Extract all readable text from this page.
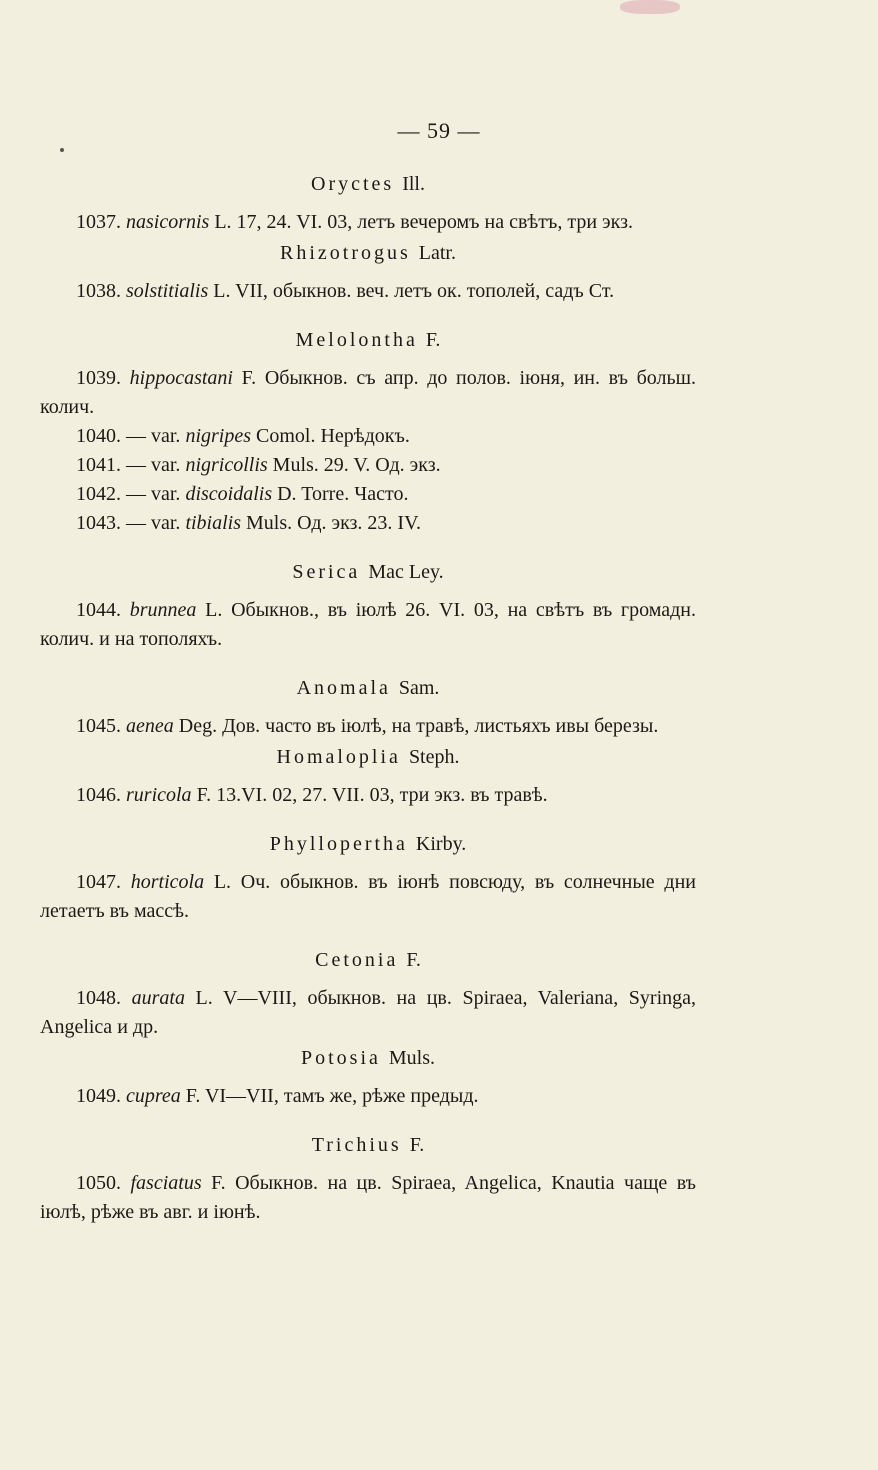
— 59 —

Oryctes Ill.

1037. nasicornis L. 17, 24. VI. 03, летъ вечеромъ на свѣтъ, три экз.

Rhizotrogus Latr.

1038. solstitialis L. VII, обыкнов. веч. летъ ок. тополей, садъ Ст.

Melolontha F.

1039. hippocastani F. Обыкнов. съ апр. до полов. іюня, ин. въ больш. колич.

1040. — var. nigripes Comol. Нерѣдокъ.

1041. — var. nigricollis Muls. 29. V. Од. экз.

1042. — var. discoidalis D. Torre. Часто.

1043. — var. tibialis Muls. Од. экз. 23. IV.

Serica Mac Ley.

1044. brunnea L. Обыкнов., въ іюлѣ 26. VI. 03, на свѣтъ въ громадн. колич. и на тополяхъ.

Anomala Sam.

1045. aenea Deg. Дов. часто въ іюлѣ, на травѣ, листьяхъ ивы березы.

Homaloplia Steph.

1046. ruricola F. 13.VI. 02, 27. VII. 03, три экз. въ травѣ.

Phyllopertha Kirby.

1047. horticola L. Оч. обыкнов. въ іюнѣ повсюду, въ солнечные дни летаетъ въ массѣ.

Cetonia F.

1048. aurata L. V—VIII, обыкнов. на цв. Spiraea, Valeriana, Syringa, Angelica и др.

Potosia Muls.

1049. cuprea F. VI—VII, тамъ же, рѣже предыд.

Trichius F.

1050. fasciatus F. Обыкнов. на цв. Spiraea, Angelica, Knautia чаще въ іюлѣ, рѣже въ авг. и іюнѣ.
